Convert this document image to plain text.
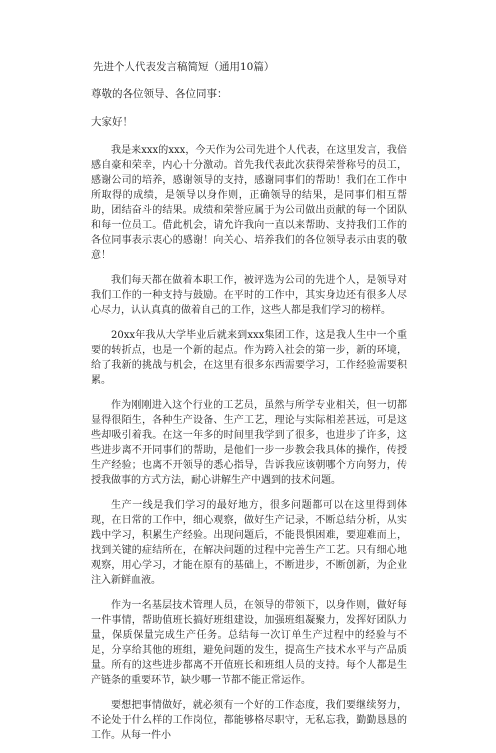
先进个人代表发言稿简短（通用10篇）
尊敬的各位领导、各位同事：
大家好！

我是来xxx的xxx，今天作为公司先进个人代表，在这里发言，我倍感自豪和荣幸，内心十分激动。首先我代表此次获得荣誉称号的员工，感谢公司的培养，感谢领导的支持，感谢同事们的帮助！我们在工作中所取得的成绩，是领导以身作则，正确领导的结果，是同事们相互帮助，团结奋斗的结果。成绩和荣誉应属于为公司做出贡献的每一个团队和每一位员工。借此机会，请允许我向一直以来帮助、支持我们工作的各位同事表示衷心的感谢！向关心、培养我们的各位领导表示由衷的敬意！

我们每天都在做着本职工作，被评选为公司的先进个人，是领导对我们工作的一种支持与鼓励。在平时的工作中，其实身边还有很多人尽心尽力，认认真真的做着自己的工作，这些人都是我们学习的榜样。

20xx年我从大学毕业后就来到xxx集团工作，这是我人生中一个重要的转折点，也是一个新的起点。作为跨入社会的第一步，新的环境，给了我新的挑战与机会，在这里有很多东西需要学习，工作经验需要积累。

作为刚刚进入这个行业的工艺员，虽然与所学专业相关，但一切都显得很陌生，各种生产设备、生产工艺，理论与实际相差甚远，可是这些却吸引着我。在这一年多的时间里我学到了很多，也进步了许多，这些进步离不开同事们的帮助，是他们一步一步教会我具体的操作，传授生产经验；也离不开领导的悉心指导，告诉我应该朝哪个方向努力，传授我做事的方式方法，耐心讲解生产中遇到的技术问题。

生产一线是我们学习的最好地方，很多问题都可以在这里得到体现，在日常的工作中，细心观察，做好生产记录，不断总结分析，从实践中学习，积累生产经验。出现问题后，不能畏惧困难，要迎难而上，找到关键的症结所在，在解决问题的过程中完善生产工艺。只有细心地观察，用心学习，才能在原有的基础上，不断进步，不断创新，为企业注入新鲜血液。

作为一名基层技术管理人员，在领导的带领下，以身作则，做好每一件事情，帮助值班长搞好班组建设，加强班组凝聚力，发挥好团队力量，保质保量完成生产任务。总结每一次订单生产过程中的经验与不足，分享给其他的班组，避免问题的发生，提高生产技术水平与产品质量。所有的这些进步都离不开值班长和班组人员的支持。每个人都是生产链条的重要环节，缺少哪一节都不能正常运作。

要想把事情做好，就必须有一个好的工作态度，我们要继续努力，不论处于什么样的工作岗位，都能够格尽职守，无私忘我，勤勤恳恳的工作。从每一件小
